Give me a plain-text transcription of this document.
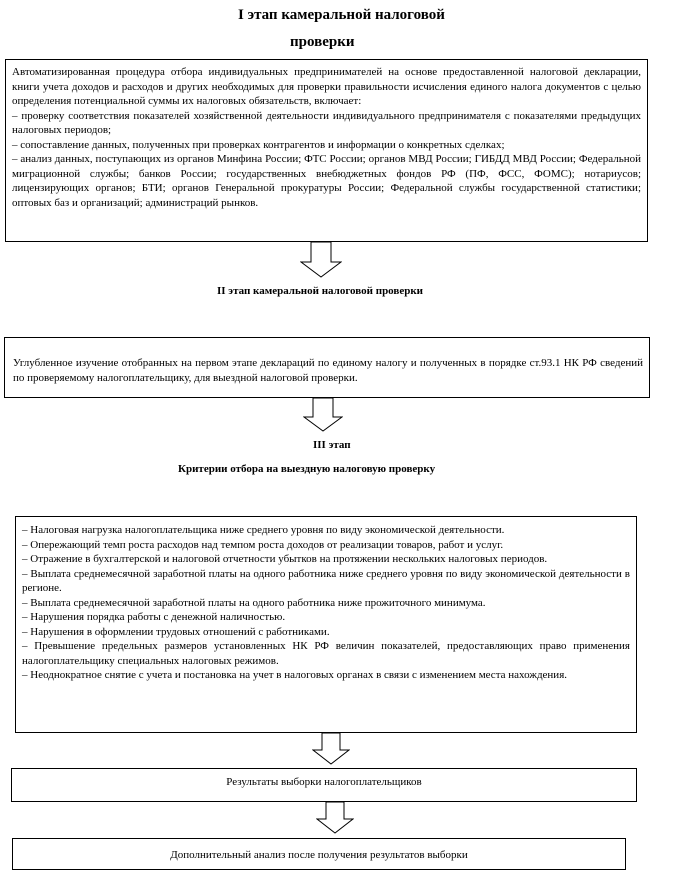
I этап камеральной налоговой
проверки

Автоматизированная процедура отбора индивидуальных предпринимателей на основе предоставленной налоговой декларации, книги учета доходов и расходов и других необходимых для проверки правильности исчисления единого налога документов с целью определения потенциальной суммы их налоговых обязательств, включает:

– проверку соответствия показателей хозяйственной деятельности индивидуального предпринимателя с показателями предыдущих налоговых периодов;

– сопоставление данных, полученных при проверках контрагентов и информации о конкретных сделках;

– анализ данных, поступающих из органов Минфина России; ФТС России; органов МВД России; ГИБДД МВД России; Федеральной миграционной службы; банков России; государственных внебюджетных фондов РФ (ПФ, ФСС, ФОМС); нотариусов; лицензирующих органов; БТИ; органов Генеральной прокуратуры России; Федеральной службы государственной статистики; оптовых баз и организаций; администраций рынков.

II этап камеральной налоговой проверки

Углубленное изучение отобранных на первом этапе деклараций по единому налогу и полученных в порядке ст.93.1 НК РФ сведений по проверяемому налогоплательщику, для выездной налоговой проверки.

III этап
Критерии отбора на выездную налоговую проверку

– Налоговая нагрузка налогоплательщика ниже среднего уровня по виду экономической деятельности.

– Опережающий темп роста расходов над темпом роста доходов от реализации товаров, работ и услуг.

– Отражение в бухгалтерской и налоговой отчетности убытков на протяжении нескольких налоговых периодов.

– Выплата среднемесячной заработной платы на одного работника ниже среднего уровня по виду экономической деятельности в регионе.

– Выплата среднемесячной заработной платы на одного работника ниже прожиточного минимума.

– Нарушения порядка работы с денежной наличностью.

– Нарушения в оформлении трудовых отношений с работниками.

– Превышение предельных размеров установленных НК РФ величин показателей, предоставляющих право применения налогоплательщику специальных налоговых режимов.

– Неоднократное снятие с учета и постановка на учет в налоговых органах в связи с изменением места нахождения.

Результаты выборки налогоплательщиков
Дополнительный анализ после получения результатов выборки
